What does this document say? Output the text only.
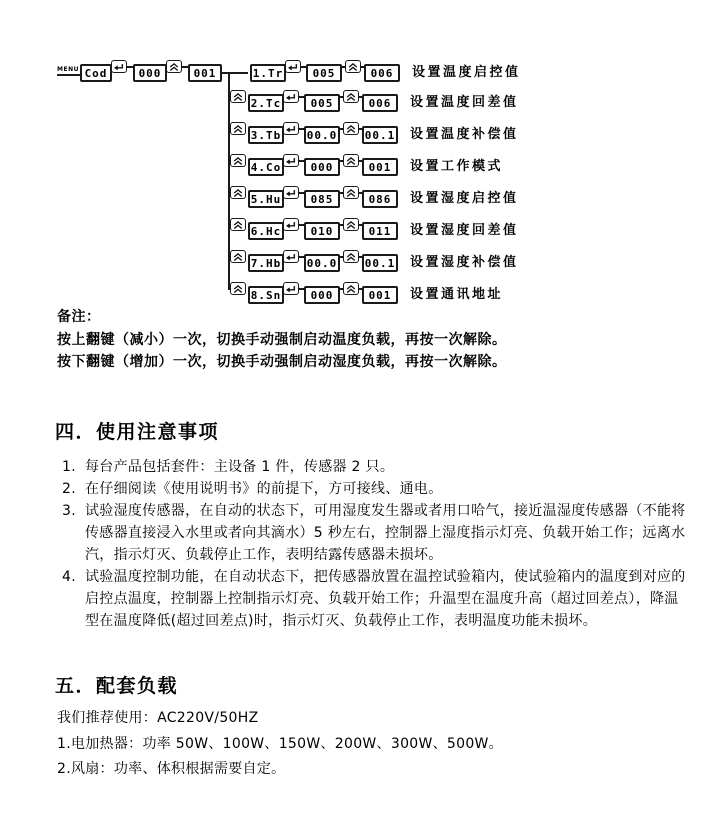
MENU Cod	000	001	1.Tr	005	006	设置温度启控值
2.Tc	005	006	设置温度回差值
3.Tb 00.0	00.1 设置温度补偿值
4.Co	000	001	设置工作模式
5.Hu	085	086	设置湿度启控值
6.Hc	010	011	设置湿度回差值
7.Hb 00.0	00.1 设置湿度补偿值
8.Sn	000	001	设置通讯地址
备注：
按上翻键（减小）一次，切换手动强制启动温度负载，再按一次解除。
按下翻键（增加）一次，切换手动强制启动湿度负载，再按一次解除。
四．使用注意事项
1. 每台产品包括套件：主设备 1 件，传感器 2 只。
2. 在仔细阅读《使用说明书》的前提下，方可接线、通电。
3. 试验湿度传感器，在自动的状态下，可用湿度发生器或者用口哈气，接近温湿度传感器（不能将传感器直接浸入水里或者向其滴水）5 秒左右，控制器上湿度指示灯亮、负载开始工作；远离水汽，指示灯灭、负载停止工作，表明结露传感器未损坏。
4. 试验温度控制功能，在自动状态下，把传感器放置在温控试验箱内，使试验箱内的温度到对应的启控点温度，控制器上控制指示灯亮、负载开始工作；升温型在温度升高（超过回差点），降温型在温度降低(超过回差点)时，指示灯灭、负载停止工作，表明温度功能未损坏。
五．配套负载
我们推荐使用：AC220V/50HZ
1.电加热器：功率 50W、100W、150W、200W、300W、500W。
2.风扇：功率、体积根据需要自定。
